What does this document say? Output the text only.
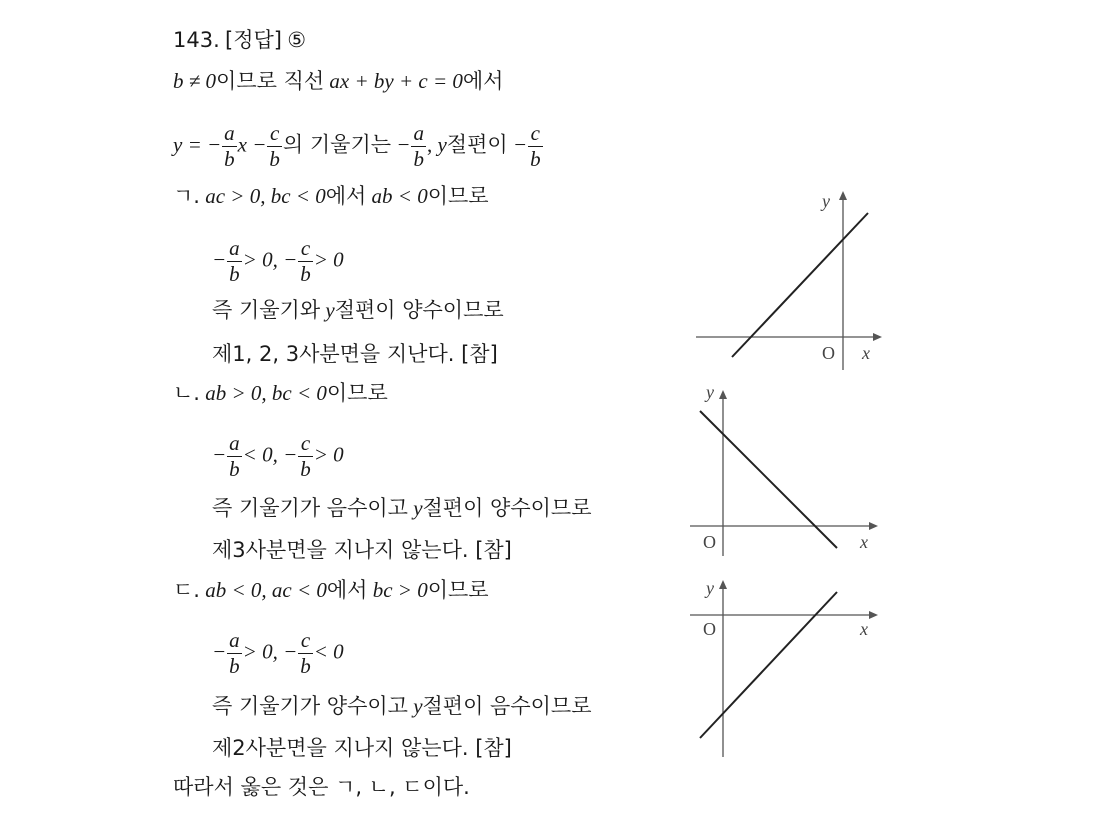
143. [정답] ⑤
b ≠ 0이므로 직선 ax + by + c = 0에서
y = − $\frac{a}{b}$ $x - \frac{c}{b}$ 의 기울기는 − $\frac{a}{b}$ , y절편이 − $\frac{c}{b}$
ㄱ. ac > 0, bc < 0에서 ab < 0이므로
− $\frac{a}{b} > 0$, − $\frac{c}{b} > 0$
즉 기울기와 y절편이 양수이므로
제1, 2, 3사분면을 지난다. [참]
ㄴ. ab > 0, bc < 0이므로
− $\frac{a}{b} < 0$, − $\frac{c}{b} > 0$
즉 기울기가 음수이고 y절편이 양수이므로
제3사분면을 지나지 않는다. [참]
ㄷ. ab < 0, ac < 0에서 bc > 0이므로
− $\frac{a}{b} > 0$, − $\frac{c}{b} < 0$
즉 기울기가 양수이고 y절편이 음수이므로
제2사분면을 지나지 않는다. [참]
따라서 옳은 것은 ㄱ, ㄴ, ㄷ이다.
y
x
O
y
x
O
y
x
O
